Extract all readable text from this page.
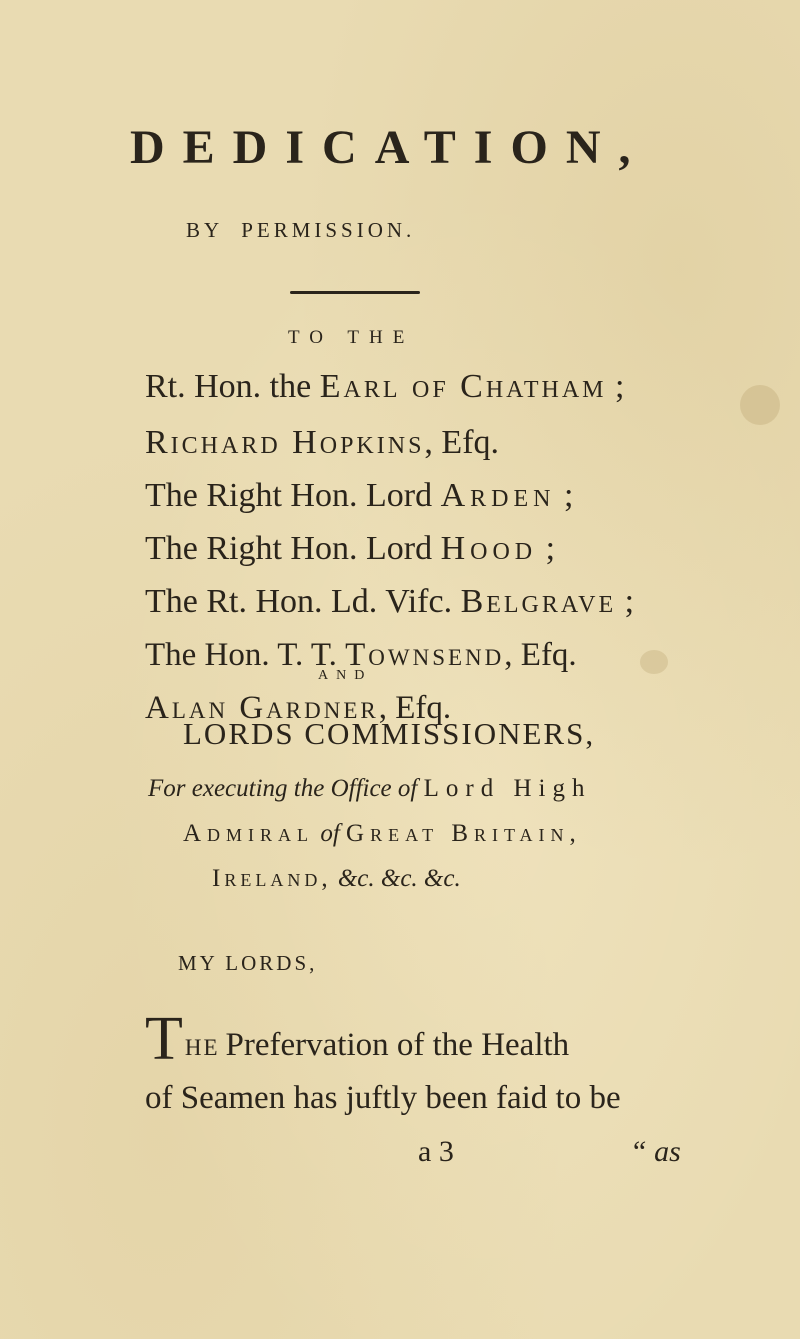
DEDICATION,
BY PERMISSION.
TO THE
Rt. Hon. the Earl of Chatham ;
Richard Hopkins, Efq.
The Right Hon. Lord Arden ;
The Right Hon. Lord Hood ;
The Rt. Hon. Ld. Vifc. Belgrave ;
The Hon. T. T. Townsend, Efq.
AND
Alan Gardner, Efq.
LORDS COMMISSIONERS,
For executing the Office of Lord High
Admiral of Great Britain,
Ireland, &c. &c. &c.
MY LORDS,
The Prefervation of the Health
of Seamen has juftly been faid to be
a 3	“ as
